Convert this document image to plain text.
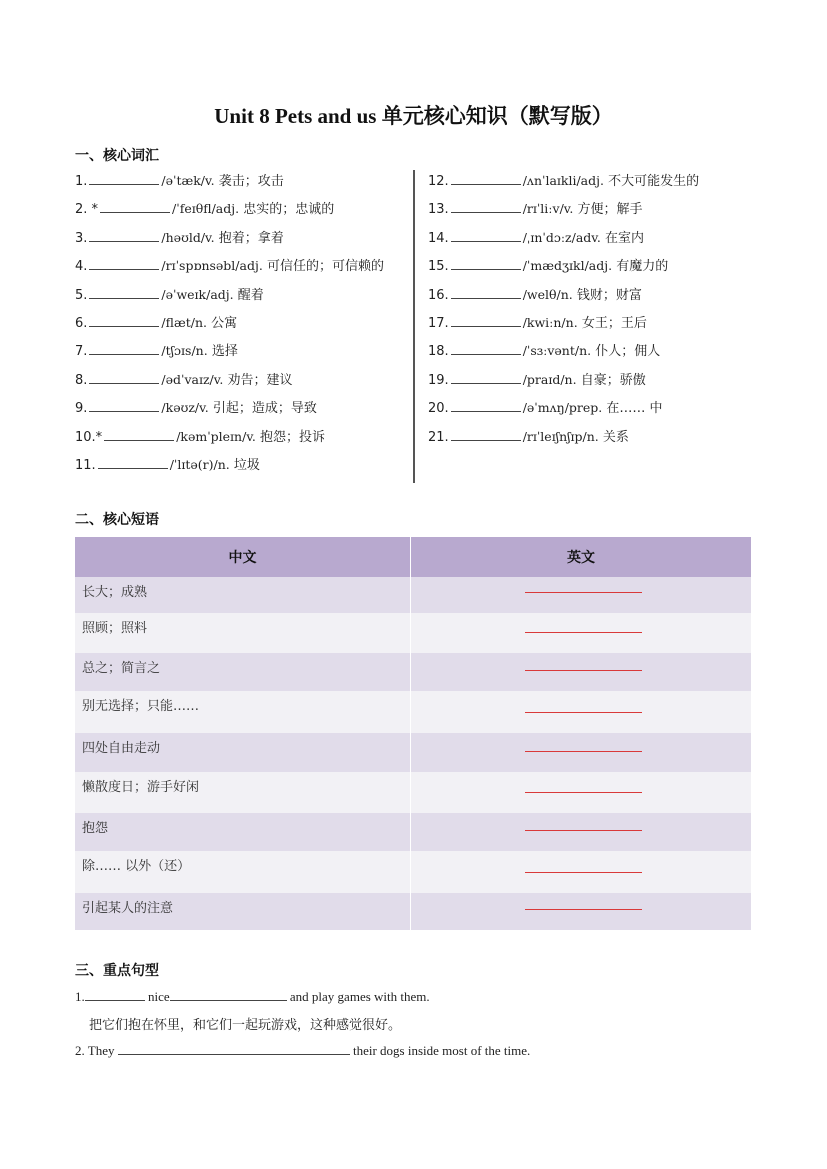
Unit 8 Pets and us 单元核心知识（默写版）
一、核心词汇
1.	/əˈtæk/v. 袭击；攻击
2. *	/ˈfeɪθfl/adj. 忠实的；忠诚的
3.	/həʊld/v. 抱着；拿着
4.	/rɪˈspɒnsəbl/adj. 可信任的；可信赖的
5.	/əˈweɪk/adj. 醒着
6.	/flæt/n. 公寓
7.	/tʃɔɪs/n. 选择
8.	/ədˈvaɪz/v. 劝告；建议
9.	/kəʊz/v. 引起；造成；导致
10.*	/kəmˈpleɪn/v. 抱怨；投诉
11.	/ˈlɪtə(r)/n. 垃圾
12.	/ʌnˈlaɪkli/adj. 不大可能发生的
13.	/rɪˈliːv/v. 方便；解手
14.	/ˌɪnˈdɔːz/adv. 在室内
15.	/ˈmædʒɪkl/adj. 有魔力的
16.	/welθ/n. 钱财；财富
17.	/kwiːn/n. 女王；王后
18.	/ˈsɜːvənt/n. 仆人；佣人
19.	/praɪd/n. 自豪；骄傲
20.	/əˈmʌŋ/prep. 在…… 中
21.	/rɪˈleɪʃnʃɪp/n. 关系
二、核心短语
中文	英文
长大；成熟	

照顾；照料	

总之；简言之	

别无选择；只能……	

四处自由走动	

懒散度日；游手好闲	

抱怨	

除…… 以外（还）	

引起某人的注意	
三、重点句型
1.	nice	and play games with them.
把它们抱在怀里，和它们一起玩游戏，这种感觉很好。
2. They	their dogs inside most of the time.
